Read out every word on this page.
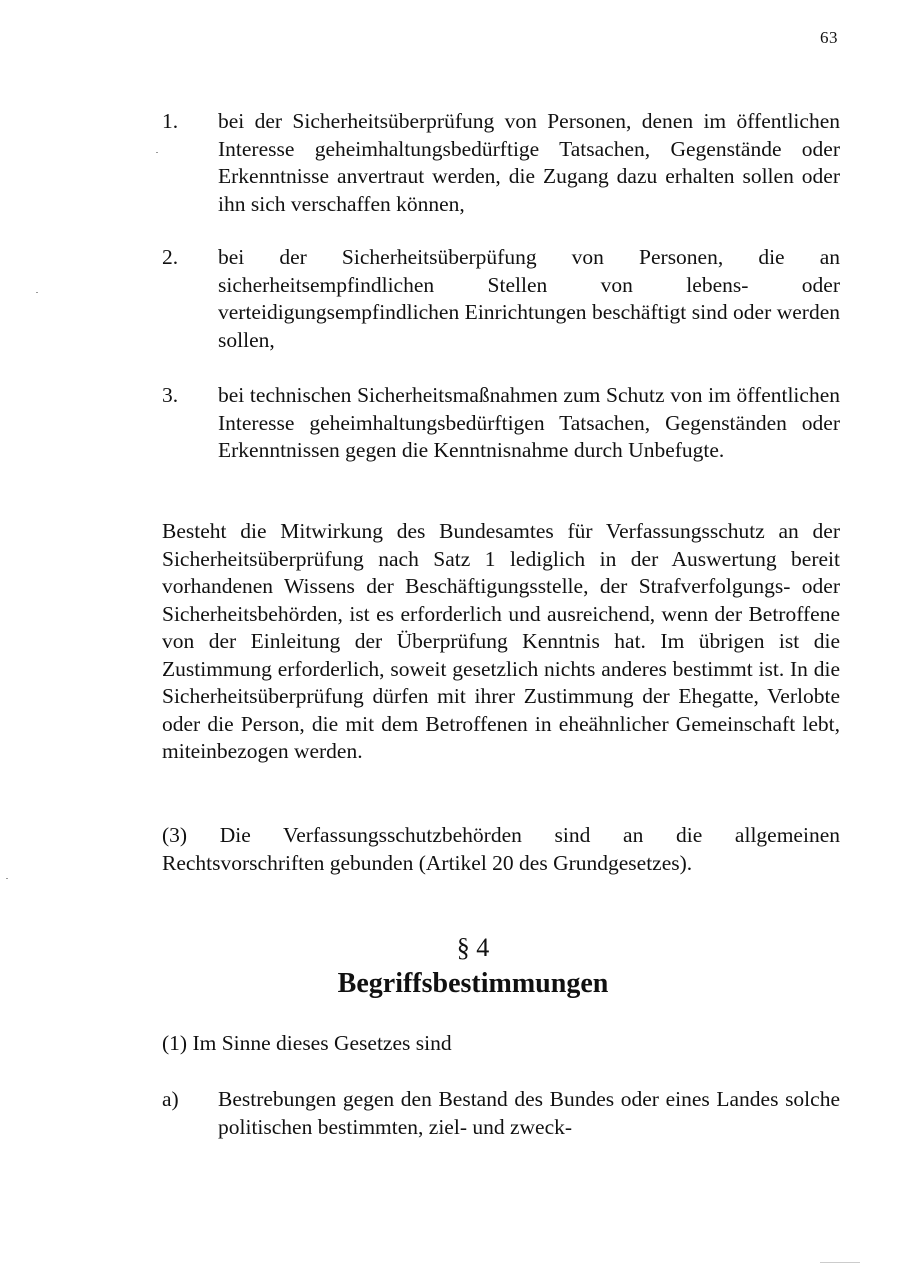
63
1.	bei der Sicherheitsüberprüfung von Personen, denen im öffentlichen Interesse geheimhaltungsbedürftige Tatsachen, Gegenstände oder Erkenntnisse anvertraut werden, die Zugang dazu erhalten sollen oder ihn sich verschaffen können,
2.	bei der Sicherheitsüberpüfung von Personen, die an sicherheitsempfindlichen Stellen von lebens- oder verteidigungsempfindlichen Einrichtungen beschäftigt sind oder werden sollen,
3.	bei technischen Sicherheitsmaßnahmen zum Schutz von im öffentlichen Interesse geheimhaltungsbedürftigen Tatsachen, Gegenständen oder Erkenntnissen gegen die Kenntnisnahme durch Unbefugte.
Besteht die Mitwirkung des Bundesamtes für Verfassungsschutz an der Sicherheitsüberprüfung nach Satz 1 lediglich in der Auswertung bereit vorhandenen Wissens der Beschäftigungsstelle, der Strafverfolgungs- oder Sicherheitsbehörden, ist es erforderlich und ausreichend, wenn der Betroffene von der Einleitung der Überprüfung Kenntnis hat. Im übrigen ist die Zustimmung erforderlich, soweit gesetzlich nichts anderes bestimmt ist. In die Sicherheitsüberprüfung dürfen mit ihrer Zustimmung der Ehegatte, Verlobte oder die Person, die mit dem Betroffenen in eheähnlicher Gemeinschaft lebt, miteinbezogen werden.
(3) Die Verfassungsschutzbehörden sind an die allgemeinen Rechtsvorschriften gebunden (Artikel 20 des Grundgesetzes).
§ 4
Begriffsbestimmungen
(1) Im Sinne dieses Gesetzes sind
a)	Bestrebungen gegen den Bestand des Bundes oder eines Landes solche politischen bestimmten, ziel- und zweck-
